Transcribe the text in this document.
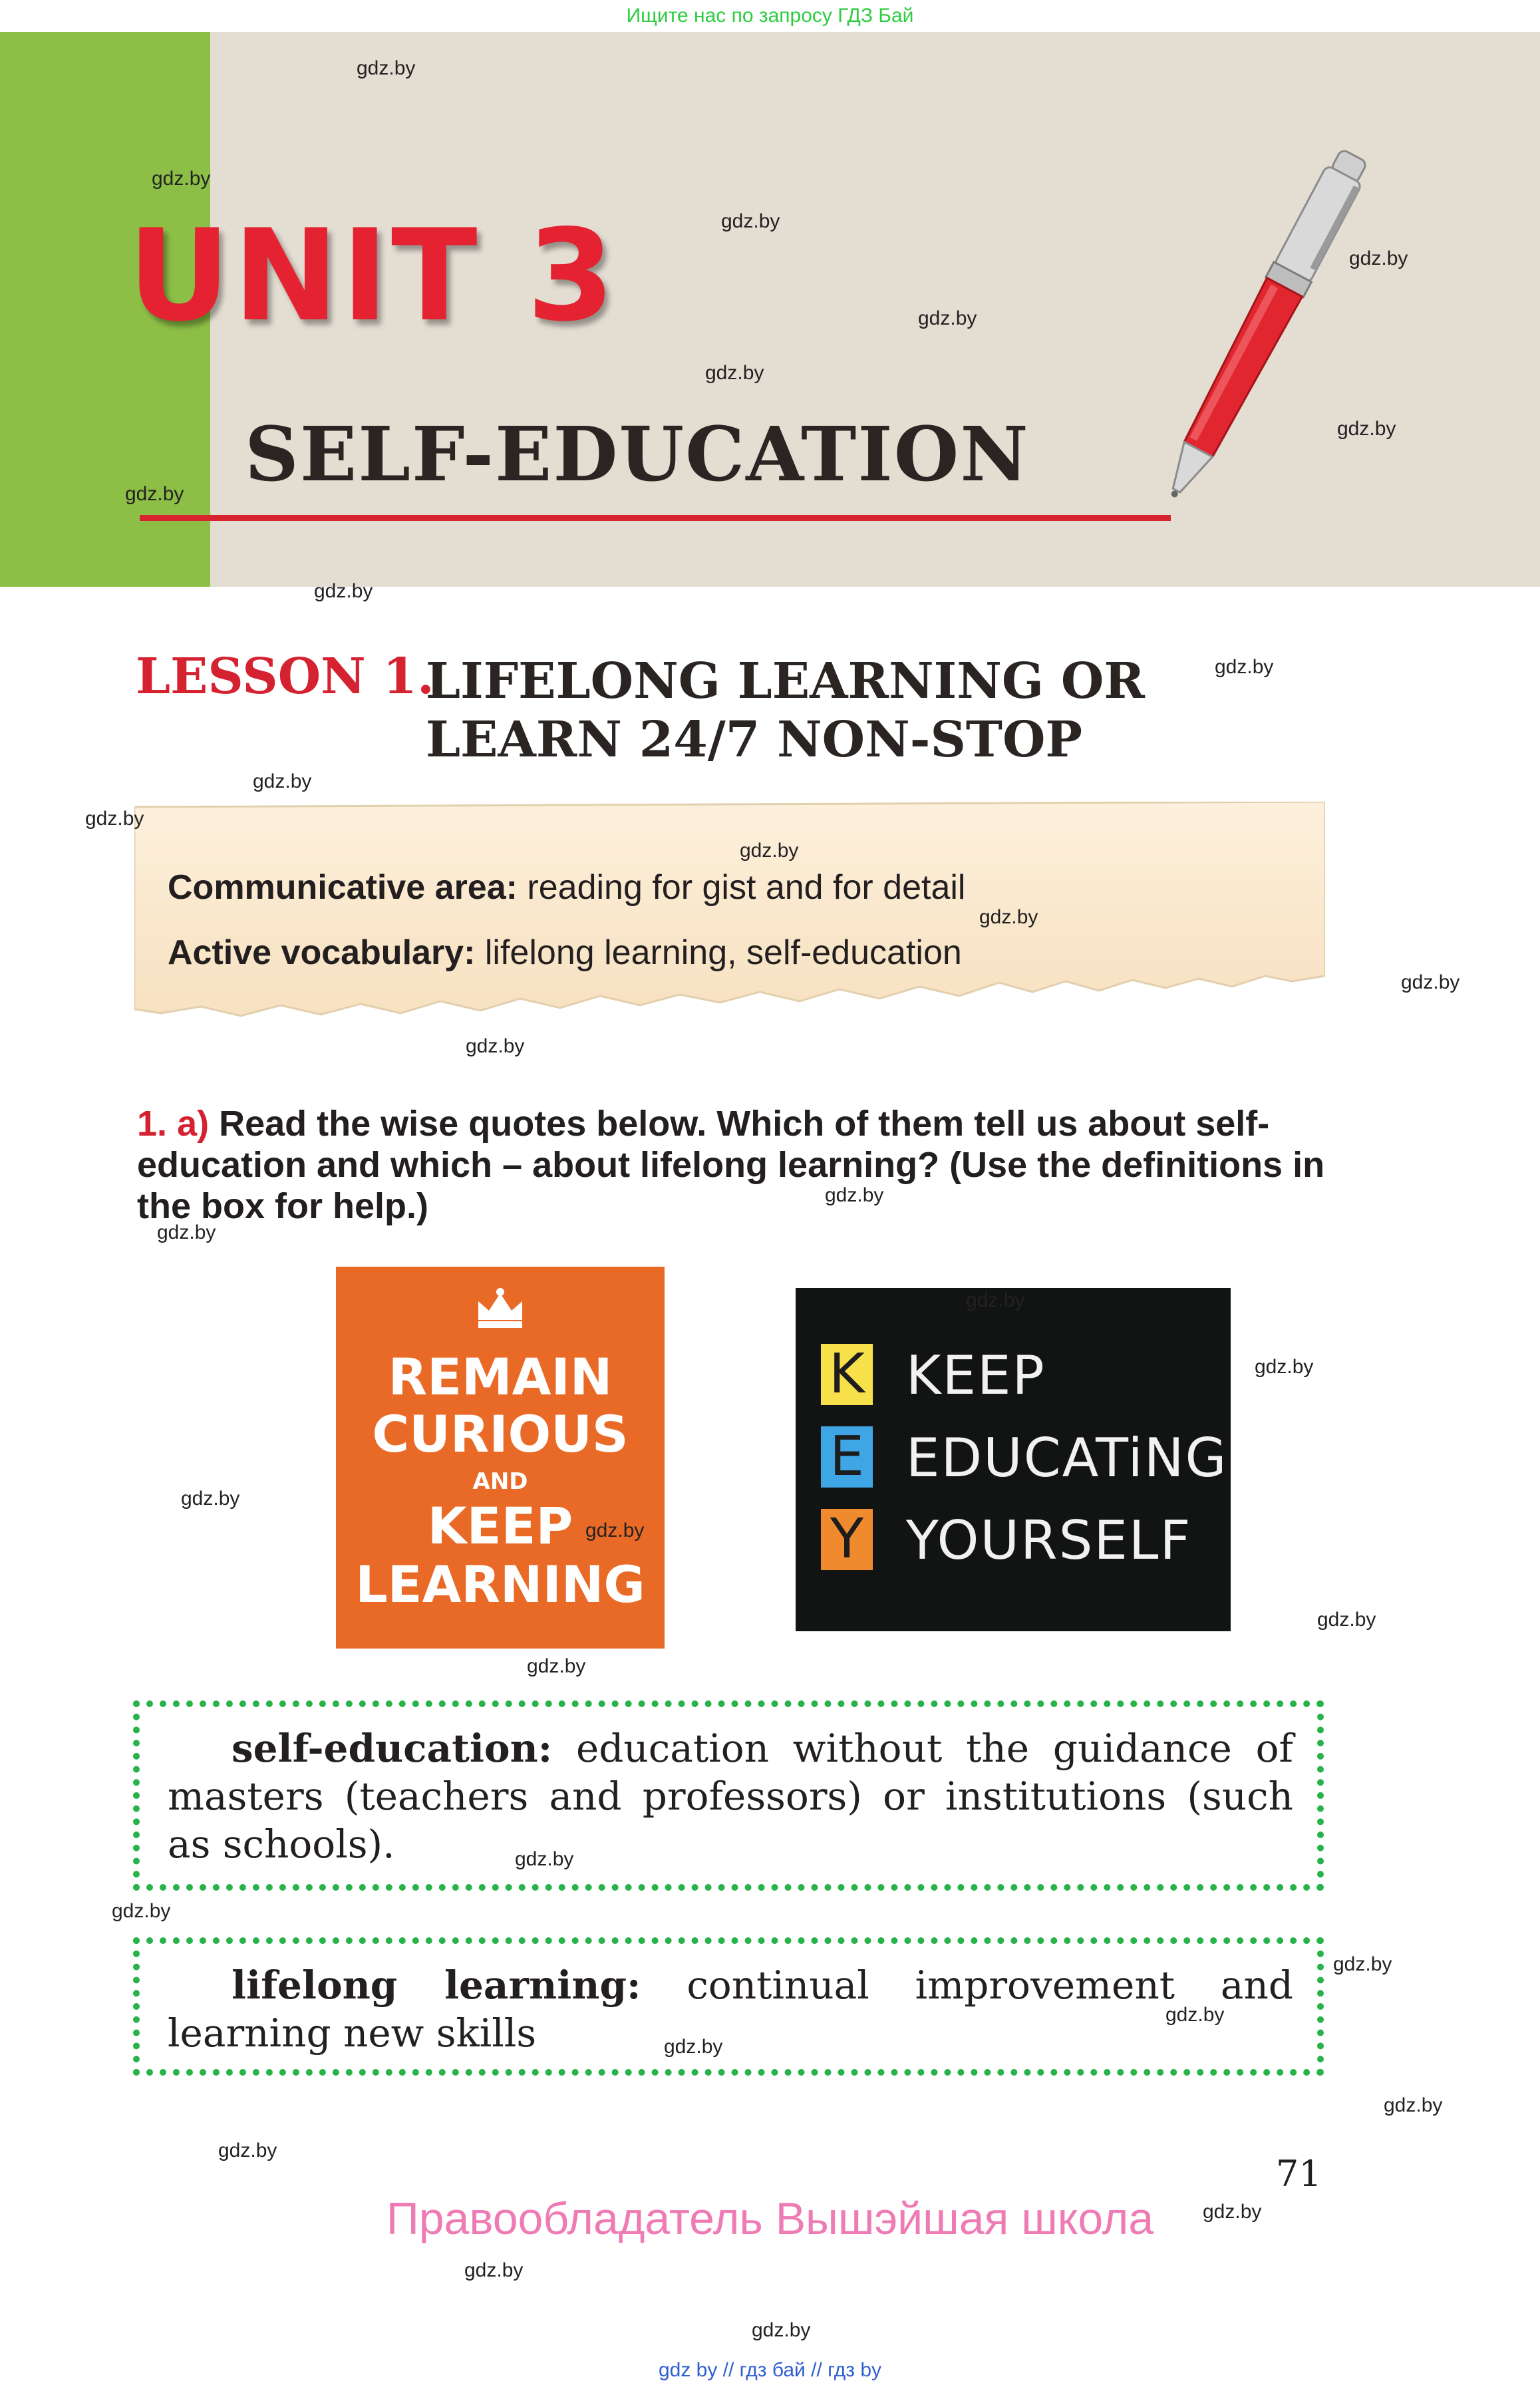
Ищите нас по запросу ГДЗ Бай
UNIT 3
SELF-EDUCATION
LESSON 1.
LIFELONG LEARNING OR
LEARN 24/7 NON-STOP
Communicative area: reading for gist and for detail
Active vocabulary: lifelong learning, self-education
1. a) Read the wise quotes below. Which of them tell us about self-education and which – about lifelong learning? (Use the definitions in the box for help.)
REMAIN
CURIOUS
AND
KEEP
LEARNING
K
E
Y
KEEP
EDUCATiNG
YOURSELF
self-education: education without the guidance of masters (teachers and professors) or institutions (such as schools).
lifelong learning: continual improvement and learning new skills
71
Правообладатель Вышэйшая школа
gdz by // гдз бай // гдз by
gdz.by
gdz.by
gdz.by
gdz.by
gdz.by
gdz.by
gdz.by
gdz.by
gdz.by
gdz.by
gdz.by
gdz.by
gdz.by
gdz.by
gdz.by
gdz.by
gdz.by
gdz.by
gdz.by
gdz.by
gdz.by
gdz.by
gdz.by
gdz.by
gdz.by
gdz.by
gdz.by
gdz.by
gdz.by
gdz.by
gdz.by
gdz.by
gdz.by
gdz.by
